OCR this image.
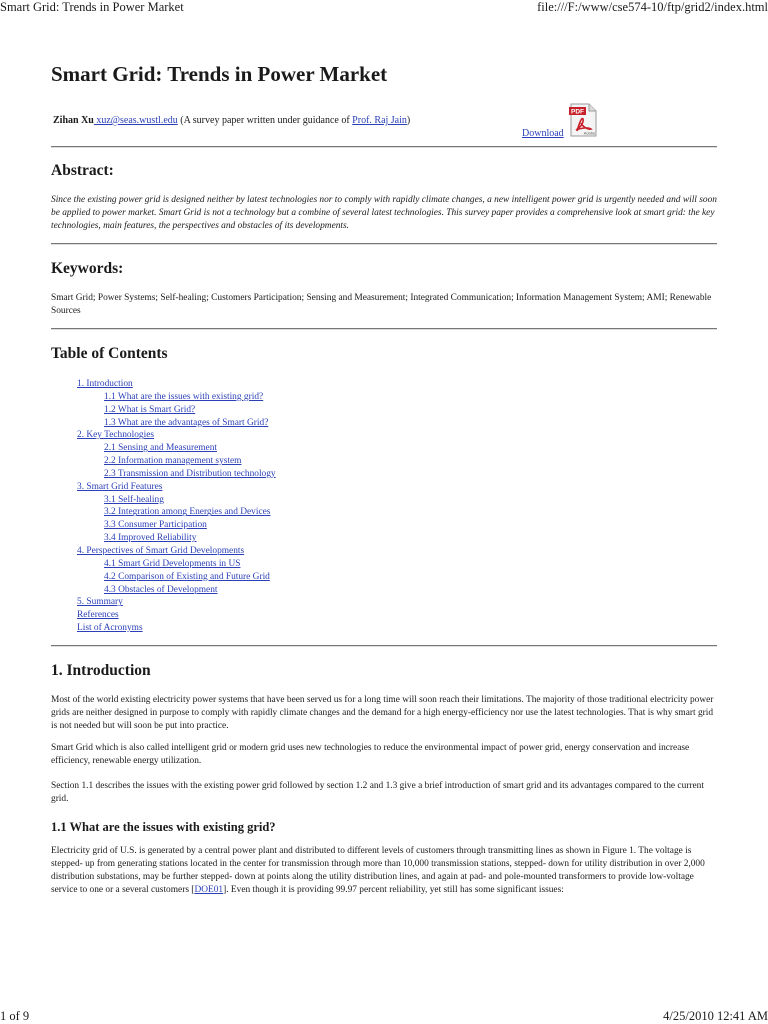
Smart Grid: Trends in Power Market	file:///F:/www/cse574-10/ftp/grid2/index.html
Smart Grid: Trends in Power Market
Zihan Xu xuz@seas.wustl.edu (A survey paper written under guidance of Prof. Raj Jain)
Download
PDF
Adobe
Abstract:

Since the existing power grid is designed neither by latest technologies nor to comply with rapidly climate changes, a new intelligent power grid is urgently needed and will soon be applied to power market. Smart Grid is not a technology but a combine of several latest technologies. This survey paper provides a comprehensive look at smart grid: the key technologies, main features, the perspectives and obstacles of its developments.

Keywords:

Smart Grid; Power Systems; Self-healing; Customers Participation; Sensing and Measurement; Integrated Communication; Information Management System; AMI; Renewable Sources

Table of Contents
1. Introduction
1.1 What are the issues with existing grid?
1.2 What is Smart Grid?
1.3 What are the advantages of Smart Grid?
2. Key Technologies
2.1 Sensing and Measurement
2.2 Information management system
2.3 Transmission and Distribution technology
3. Smart Grid Features
3.1 Self-healing
3.2 Integration among Energies and Devices
3.3 Consumer Participation
3.4 Improved Reliability
4. Perspectives of Smart Grid Developments
4.1 Smart Grid Developments in US
4.2 Comparison of Existing and Future Grid
4.3 Obstacles of Development
5. Summary
References
List of Acronyms
1. Introduction

Most of the world existing electricity power systems that have been served us for a long time will soon reach their limitations. The majority of those traditional electricity power grids are neither designed in purpose to comply with rapidly climate changes and the demand for a high energy-efficiency nor use the latest technologies. That is why smart grid is not needed but will soon be put into practice.

Smart Grid which is also called intelligent grid or modern grid uses new technologies to reduce the environmental impact of power grid, energy conservation and increase efficiency, renewable energy utilization.

Section 1.1 describes the issues with the existing power grid followed by section 1.2 and 1.3 give a brief introduction of smart grid and its advantages compared to the current grid.

1.1 What are the issues with existing grid?

Electricity grid of U.S. is generated by a central power plant and distributed to different levels of customers through transmitting lines as shown in Figure 1. The voltage is stepped- up from generating stations located in the center for transmission through more than 10,000 transmission stations, stepped- down for utility distribution in over 2,000 distribution substations, may be further stepped- down at points along the utility distribution lines, and again at pad- and pole-mounted transformers to provide low-voltage service to one or a several customers [DOE01]. Even though it is providing 99.97 percent reliability, yet still has some significant issues:

1 of 9	4/25/2010 12:41 AM
